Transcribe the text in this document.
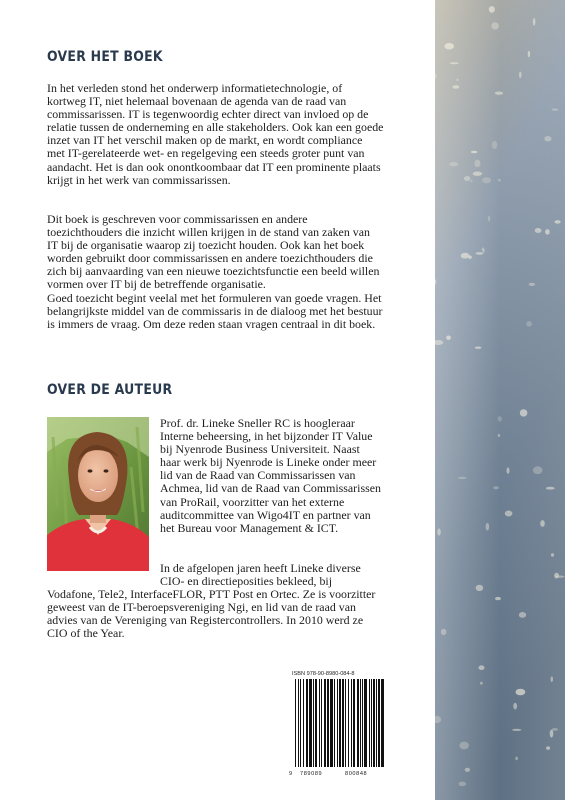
OVER HET BOEK

In het verleden stond het onderwerp informatietechnologie, of
kortweg IT, niet helemaal bovenaan de agenda van de raad van
commissarissen. IT is tegenwoordig echter direct van invloed op de
relatie tussen de onderneming en alle stakeholders. Ook kan een goede
inzet van IT het verschil maken op de markt, en wordt compliance
met IT-gerelateerde wet- en regelgeving een steeds groter punt van
aandacht. Het is dan ook onontkoombaar dat IT een prominente plaats
krijgt in het werk van commissarissen.

Dit boek is geschreven voor commissarissen en andere
toezichthouders die inzicht willen krijgen in de stand van zaken van
IT bij de organisatie waarop zij toezicht houden. Ook kan het boek
worden gebruikt door commissarissen en andere toezichthouders die
zich bij aanvaarding van een nieuwe toezichtsfunctie een beeld willen
vormen over IT bij de betreffende organisatie.
Goed toezicht begint veelal met het formuleren van goede vragen. Het
belangrijkste middel van de commissaris in de dialoog met het bestuur
is immers de vraag. Om deze reden staan vragen centraal in dit boek.

OVER DE AUTEUR

Prof. dr. Lineke Sneller RC is hoogleraar
Interne beheersing, in het bijzonder IT Value
bij Nyenrode Business Universiteit. Naast
haar werk bij Nyenrode is Lineke onder meer
lid van de Raad van Commissarissen van
Achmea, lid van de Raad van Commissarissen
van ProRail, voorzitter van het externe
auditcommittee van Wigo4IT en partner van
het Bureau voor Management & ICT.

In de afgelopen jaren heeft Lineke diverse
CIO- en directieposities bekleed, bij

Vodafone, Tele2, InterfaceFLOR, PTT Post en Ortec. Ze is voorzitter
geweest van de IT-beroepsvereniging Ngi, en lid van de raad van
advies van de Vereniging van Registercontrollers. In 2010 werd ze
CIO of the Year.

ISBN 978-90-8980-084-8
9 789089	800848
